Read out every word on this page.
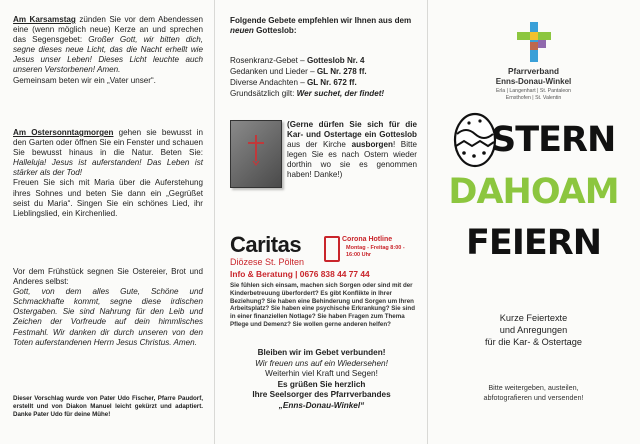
Am Karsamstag zünden Sie vor dem Abendessen eine (wenn möglich neue) Kerze an und sprechen das Segensgebet: Großer Gott, wir bitten dich, segne dieses neue Licht, das die Nacht erhellt wie Jesus unser Leben! Dieses Licht leuchte auch unseren Verstorbenen! Amen.
Gemeinsam beten wir ein „Vater unser“.
Am Ostersonntagmorgen gehen sie bewusst in den Garten oder öffnen Sie ein Fenster und schauen Sie bewusst hinaus in die Natur. Beten Sie: Halleluja! Jesus ist auferstanden! Das Leben ist stärker als der Tod!
Freuen Sie sich mit Maria über die Auferstehung ihres Sohnes und beten Sie dann ein „Gegrüßet seist du Maria“. Singen Sie ein schönes Lied, ihr Lieblingslied, ein Kirchenlied.
Vor dem Frühstück segnen Sie Ostereier, Brot und Anderes selbst:
Gott, von dem alles Gute, Schöne und Schmackhafte kommt, segne diese irdischen Ostergaben. Sie sind Nahrung für den Leib und Zeichen der Vorfreude auf dein himmlisches Festmahl. Wir danken dir durch unseren von den Toten auferstandenen Herrn Jesus Christus. Amen.
Dieser Vorschlag wurde von Pater Udo Fischer, Pfarre Paudorf, erstellt und von Diakon Manuel leicht gekürzt und adaptiert. Danke Pater Udo für deine Mühe!
Folgende Gebete empfehlen wir Ihnen aus dem neuen Gotteslob:
Rosenkranz-Gebet – Gotteslob Nr. 4
Gedanken und Lieder – GL Nr. 278 ff.
Diverse Andachten – GL Nr. 672 ff.
Grundsätzlich gilt: Wer suchet, der findet!
(Gerne dürfen Sie sich für die Kar- und Ostertage ein Gotteslob aus der Kirche ausborgen! Bitte legen Sie es nach Ostern wieder dorthin wo sie es genommen haben! Danke!)
Caritas
Diözese St. Pölten
Corona Hotline
Montag - Freitag 8:00 - 16:00 Uhr
Info & Beratung | 0676 838 44 77 44
Sie fühlen sich einsam, machen sich Sorgen oder sind mit der Kinderbetreuung überfordert? Es gibt Konflikte in Ihrer Beziehung? Sie haben eine Behinderung und Sorgen um Ihren Arbeitsplatz? Sie haben eine psychische Erkrankung? Sie sind in einer finanziellen Notlage? Sie haben Fragen zum Thema Pflege und Demenz? Sie wollen gerne anderen helfen?
Bleiben wir im Gebet verbunden!
Wir freuen uns auf ein Wiedersehen!
Weiterhin viel Kraft und Segen!
Es grüßen Sie herzlich
Ihre Seelsorger des Pfarrverbandes
„Enns-Donau-Winkel“
Pfarrverband
Enns-Donau-Winkel
Erla | Langenhart | St. Pantaleon
Ernsthofen | St. Valentin
STERN
DAHOAM
FEIERN
Kurze Feiertexte
und Anregungen
für die Kar- & Ostertage
Bitte weitergeben, austeilen,
abfotografieren und versenden!
